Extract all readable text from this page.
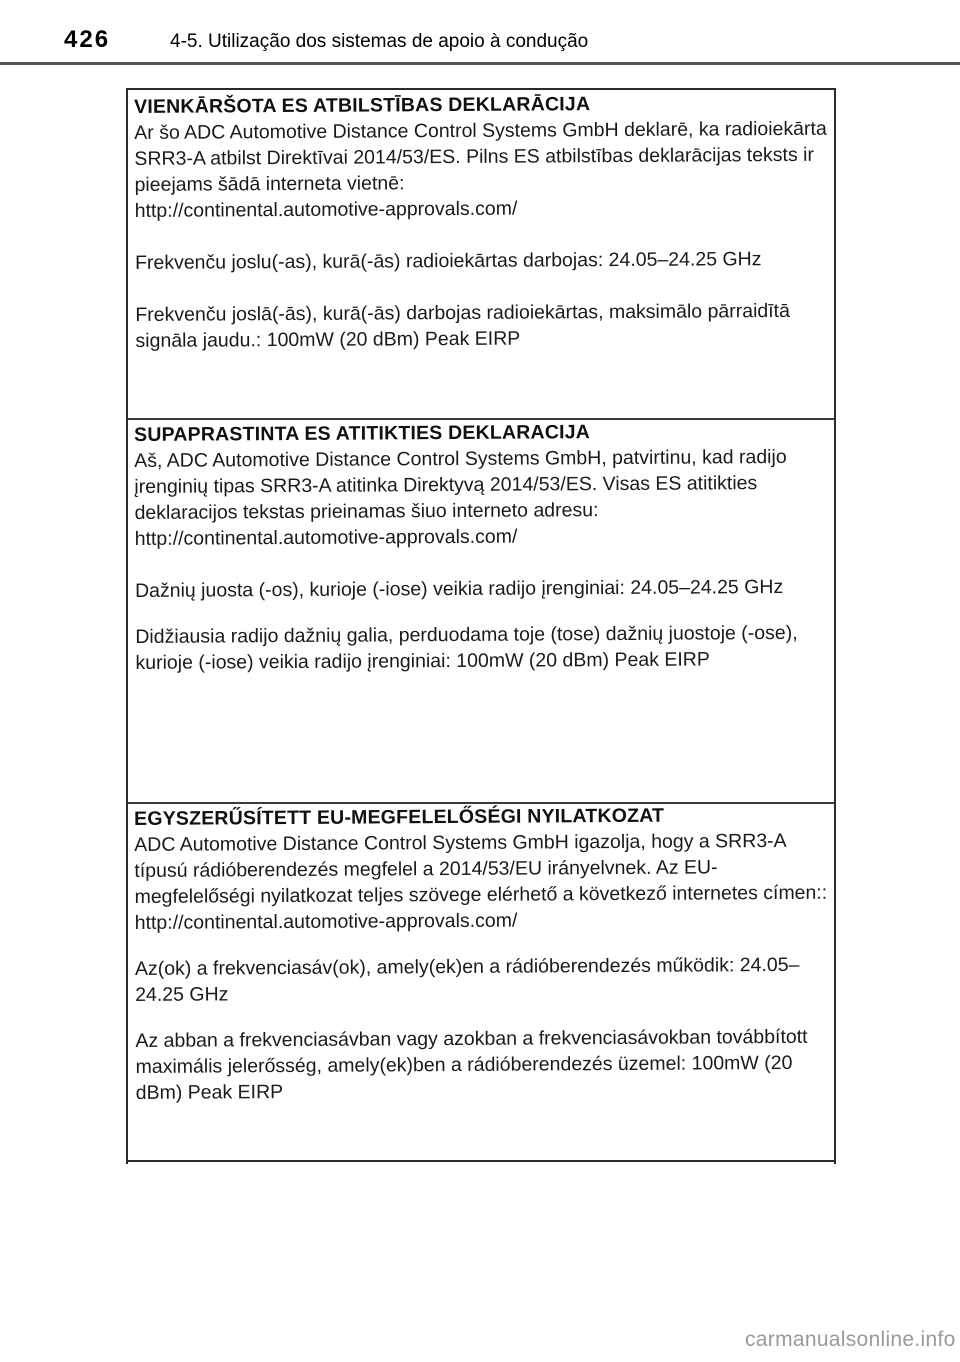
426	4-5. Utilização dos sistemas de apoio à condução

VIENKĀRŠOTA ES ATBILSTĪBAS DEKLARĀCIJA

Ar šo ADC Automotive Distance Control Systems GmbH deklarē, ka radioiekārta SRR3-A atbilst Direktīvai 2014/53/ES. Pilns ES atbilstības deklarācijas teksts ir pieejams šādā interneta vietnē:

http://continental.automotive-approvals.com/

Frekvenču joslu(-as), kurā(-ās) radioiekārtas darbojas: 24.05–24.25 GHz

Frekvenču joslā(-ās), kurā(-ās) darbojas radioiekārtas, maksimālo pārraidītā signāla jaudu.: 100mW (20 dBm) Peak EIRP

SUPAPRASTINTA ES ATITIKTIES DEKLARACIJA

Aš, ADC Automotive Distance Control Systems GmbH, patvirtinu, kad radijo įrenginių tipas SRR3-A atitinka Direktyvą 2014/53/ES. Visas ES atitikties deklaracijos tekstas prieinamas šiuo interneto adresu:

http://continental.automotive-approvals.com/

Dažnių juosta (-os), kurioje (-iose) veikia radijo įrenginiai: 24.05–24.25 GHz

Didžiausia radijo dažnių galia, perduodama toje (tose) dažnių juostoje (-ose), kurioje (-iose) veikia radijo įrenginiai: 100mW (20 dBm) Peak EIRP

EGYSZERŰSÍTETT EU-MEGFELELŐSÉGI NYILATKOZAT

ADC Automotive Distance Control Systems GmbH igazolja, hogy a SRR3-A típusú rádióberendezés megfelel a 2014/53/EU irányelvnek. Az EU-megfelelőségi nyilatkozat teljes szövege elérhető a következő internetes címen::

http://continental.automotive-approvals.com/

Az(ok) a frekvenciasáv(ok), amely(ek)en a rádióberendezés működik: 24.05–24.25 GHz

Az abban a frekvenciasávban vagy azokban a frekvenciasávokban továbbított maximális jelerősség, amely(ek)ben a rádióberendezés üzemel: 100mW (20 dBm) Peak EIRP

carmanualsonline.info
